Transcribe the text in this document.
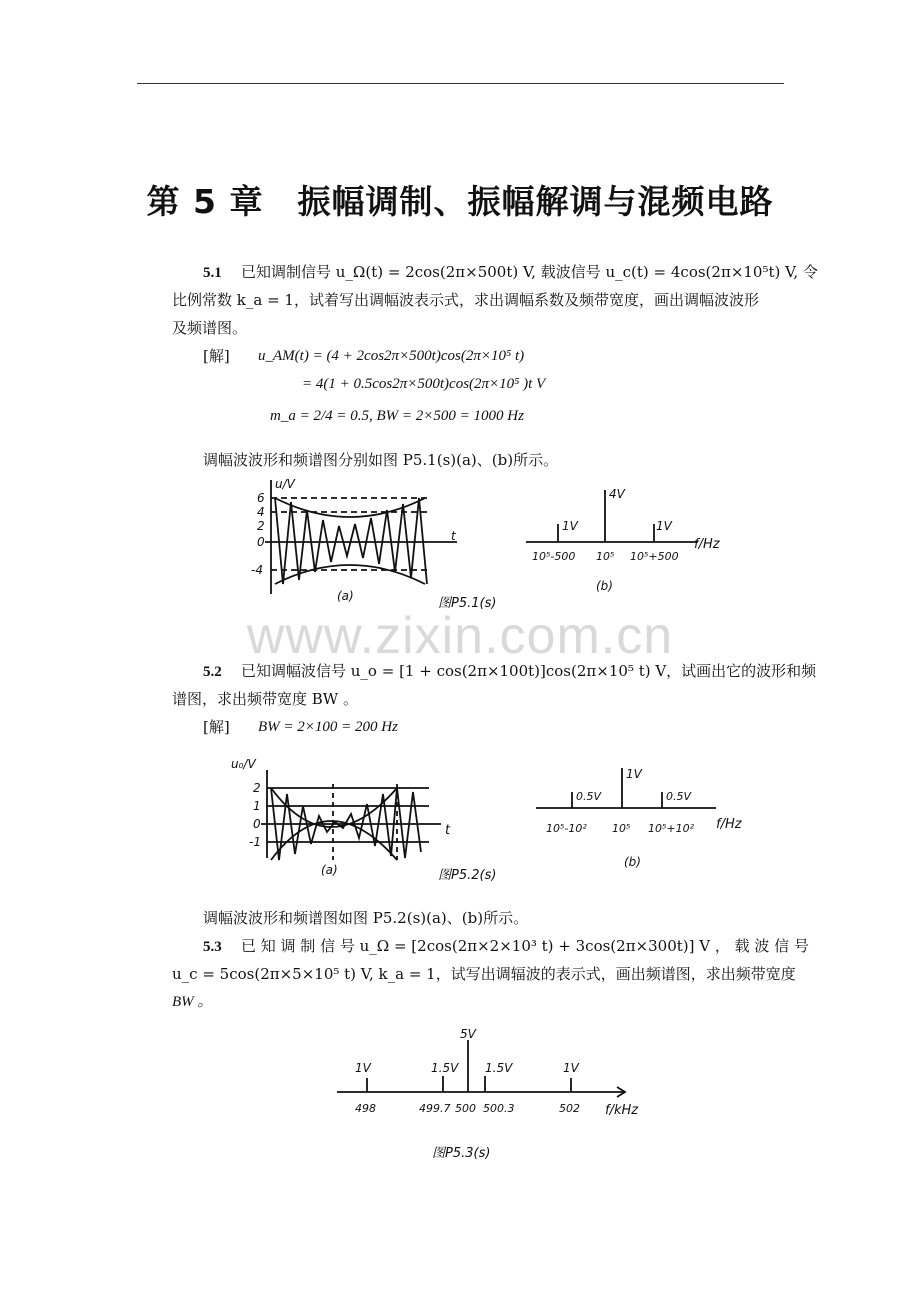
第 5 章　振幅调制、振幅解调与混频电路
5.1 已知调制信号 u_Ω(t) = 2cos(2π×500t) V, 载波信号 u_c(t) = 4cos(2π×10⁵t) V, 令
比例常数 k_a = 1，试着写出调幅波表示式，求出调幅系数及频带宽度，画出调幅波波形
及频谱图。
[解] u_AM(t) = (4 + 2cos2π×500t)cos(2π×10⁵ t)
= 4(1 + 0.5cos2π×500t)cos(2π×10⁵ )t V
m_a = 2/4 = 0.5, BW = 2×500 = 1000 Hz
调幅波波形和频谱图分别如图 P5.1(s)(a)、(b)所示。
u/V
6
4
2
0
-4
t
(a)
1V
4V
1V
10⁵-500 10⁵ 10⁵+500
f/Hz
(b)
图P5.1(s)
www.zixin.com.cn
5.2 已知调幅波信号 u_o = [1 + cos(2π×100t)]cos(2π×10⁵ t) V，试画出它的波形和频
谱图，求出频带宽度 BW 。
[解] BW = 2×100 = 200 Hz
u₀/V
2
1
0
-1
t
(a)	图P5.2(s)
0.5V
1V
0.5V
10⁵-10² 10⁵ 10⁵+10² f/Hz
(b)
调幅波波形和频谱图如图 P5.2(s)(a)、(b)所示。
5.3 已 知 调 制 信 号 u_Ω = [2cos(2π×2×10³ t) + 3cos(2π×300t)] V ， 载 波 信 号
u_c = 5cos(2π×5×10⁵ t) V, k_a = 1，试写出调辐波的表示式，画出频谱图，求出频带宽度
BW 。
1V	1.5V
5V
1.5V	1V
498	499.7 500 500.3	502 f/kHz
图P5.3(s)
